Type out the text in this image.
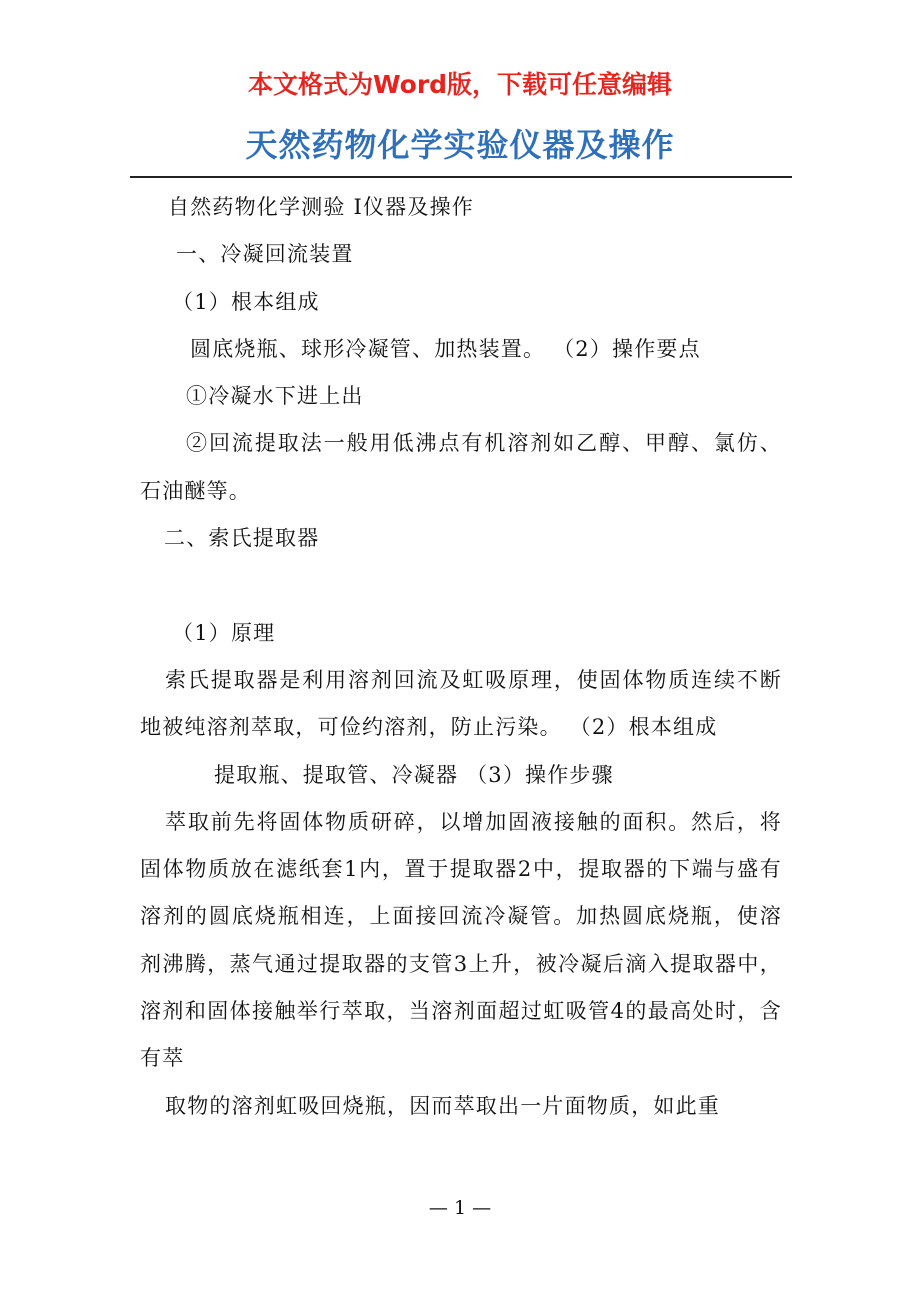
本文格式为Word版，下载可任意编辑
天然药物化学实验仪器及操作

自然药物化学测验 Ⅰ仪器及操作

一、冷凝回流装置

（1）根本组成

圆底烧瓶、球形冷凝管、加热装置。 （2）操作要点

①冷凝水下进上出

②回流提取法一般用低沸点有机溶剂如乙醇、甲醇、氯仿、石油醚等。

二、索氏提取器

（1）原理

索氏提取器是利用溶剂回流及虹吸原理，使固体物质连续不断地被纯溶剂萃取，可俭约溶剂，防止污染。 （2）根本组成

提取瓶、提取管、冷凝器 （3）操作步骤

萃取前先将固体物质研碎，以增加固液接触的面积。然后，将固体物质放在滤纸套1内，置于提取器2中，提取器的下端与盛有溶剂的圆底烧瓶相连，上面接回流冷凝管。加热圆底烧瓶，使溶剂沸腾，蒸气通过提取器的支管3上升，被冷凝后滴入提取器中，溶剂和固体接触举行萃取，当溶剂面超过虹吸管4的最高处时，含有萃

取物的溶剂虹吸回烧瓶，因而萃取出一片面物质，如此重

— 1 —
